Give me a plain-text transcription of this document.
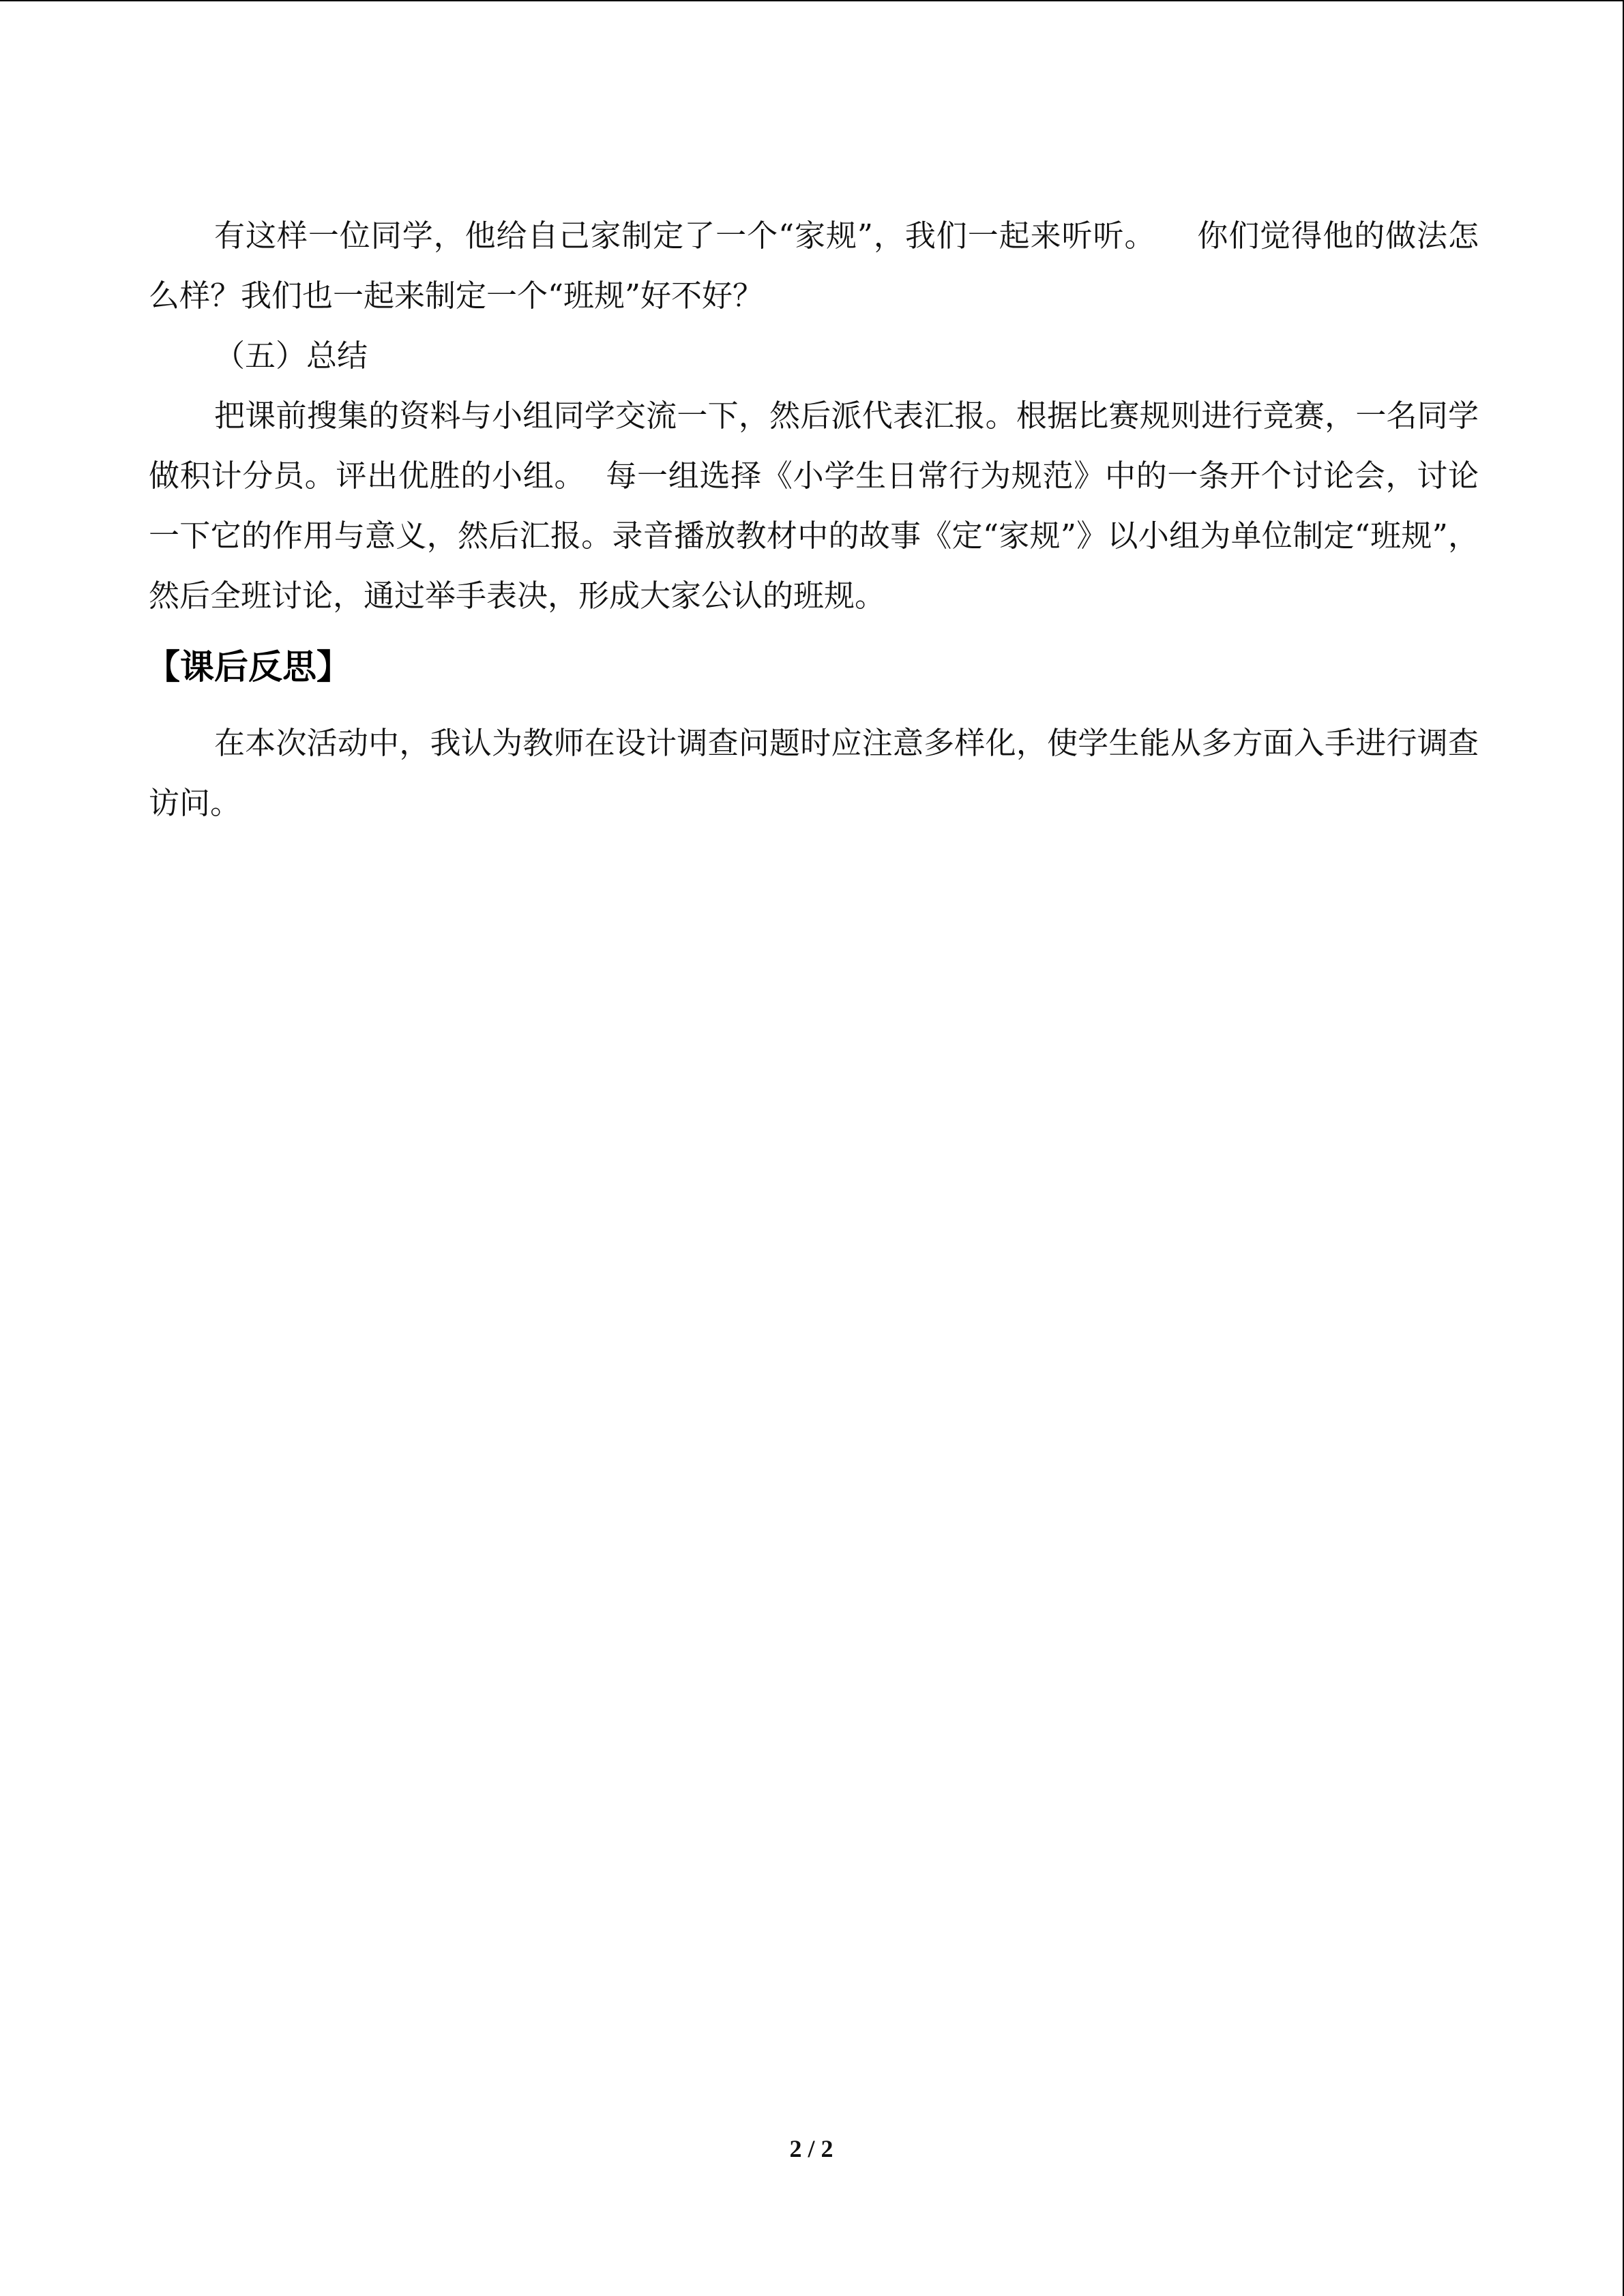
有这样一位同学，他给自己家制定了一个“家规”，我们一起来听听。    你们觉得他的做法怎么样？我们也一起来制定一个“班规”好不好？

（五）总结

把课前搜集的资料与小组同学交流一下，然后派代表汇报。根据比赛规则进行竞赛，一名同学做积计分员。评出优胜的小组。  每一组选择《小学生日常行为规范》中的一条开个讨论会，讨论一下它的作用与意义，然后汇报。录音播放教材中的故事《定“家规”》以小组为单位制定“班规”，然后全班讨论，通过举手表决，形成大家公认的班规。

【课后反思】

在本次活动中，我认为教师在设计调查问题时应注意多样化，使学生能从多方面入手进行调查访问。

2 / 2
